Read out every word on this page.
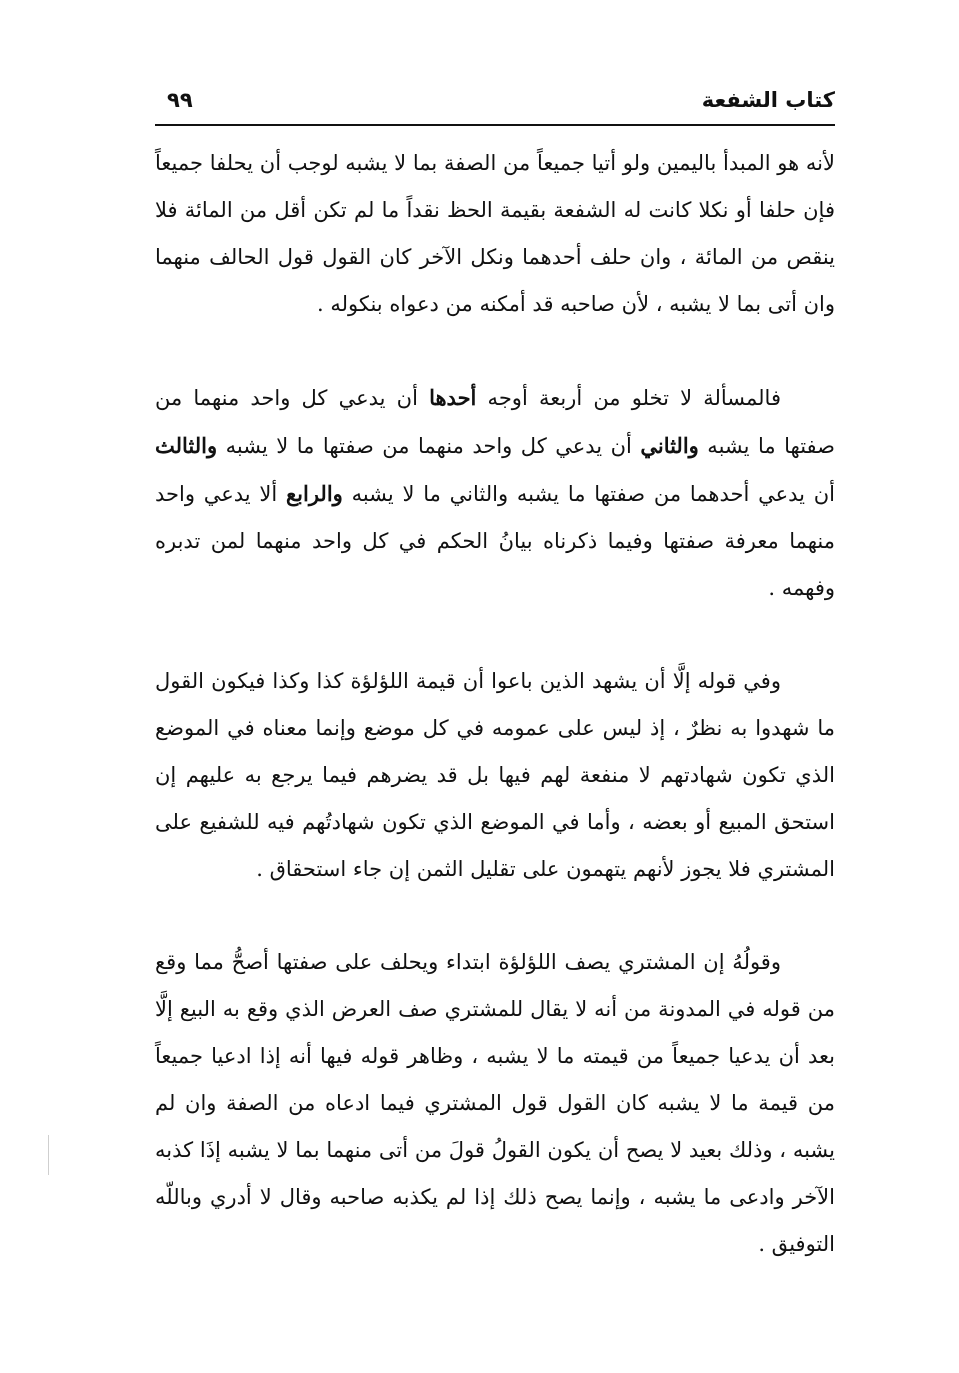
كتاب الشفعة
٩٩

لأنه هو المبدأ باليمين ولو أتيا جميعاً من الصفة بما لا يشبه لوجب أن يحلفا جميعاً فإن حلفا أو نكلا كانت له الشفعة بقيمة الحظ نقداً ما لم تكن أقل من المائة فلا ينقص من المائة ، وان حلف أحدهما ونكل الآخر كان القول قول الحالف منهما وان أتى بما لا يشبه ، لأن صاحبه قد أمكنه من دعواه بنكوله .

فالمسألة لا تخلو من أربعة أوجه أحدها أن يدعي كل واحد منهما من صفتها ما يشبه والثاني أن يدعي كل واحد منهما من صفتها ما لا يشبه والثالث أن يدعي أحدهما من صفتها ما يشبه والثاني ما لا يشبه والرابع ألا يدعي واحد منهما معرفة صفتها وفيما ذكرناه بيانُ الحكم في كل واحد منهما لمن تدبره وفهمه .

وفي قوله إلَّا أن يشهد الذين باعوا أن قيمة اللؤلؤة كذا وكذا فيكون القول ما شهدوا به نظرٌ ، إذ ليس على عمومه في كل موضع وإنما معناه في الموضع الذي تكون شهادتهم لا منفعة لهم فيها بل قد يضرهم فيما يرجع به عليهم إن استحق المبيع أو بعضه ، وأما في الموضع الذي تكون شهادتُهم فيه للشفيع على المشتري فلا يجوز لأنهم يتهمون على تقليل الثمن إن جاء استحقاق .

وقولُهُ إن المشتري يصف اللؤلؤة ابتداء ويحلف على صفتها أصحُّ مما وقع من قوله في المدونة من أنه لا يقال للمشتري صف العرض الذي وقع به البيع إلَّا بعد أن يدعيا جميعاً من قيمته ما لا يشبه ، وظاهر قوله فيها أنه إذا ادعيا جميعاً من قيمة ما لا يشبه كان القول قول المشتري فيما ادعاه من الصفة وان لم يشبه ، وذلك بعيد لا يصح أن يكون القولُ قولَ من أتى منهما بما لا يشبه إذَا كذبه الآخر وادعى ما يشبه ، وإنما يصح ذلك إذا لم يكذبه صاحبه وقال لا أدري وباللّه التوفيق .
